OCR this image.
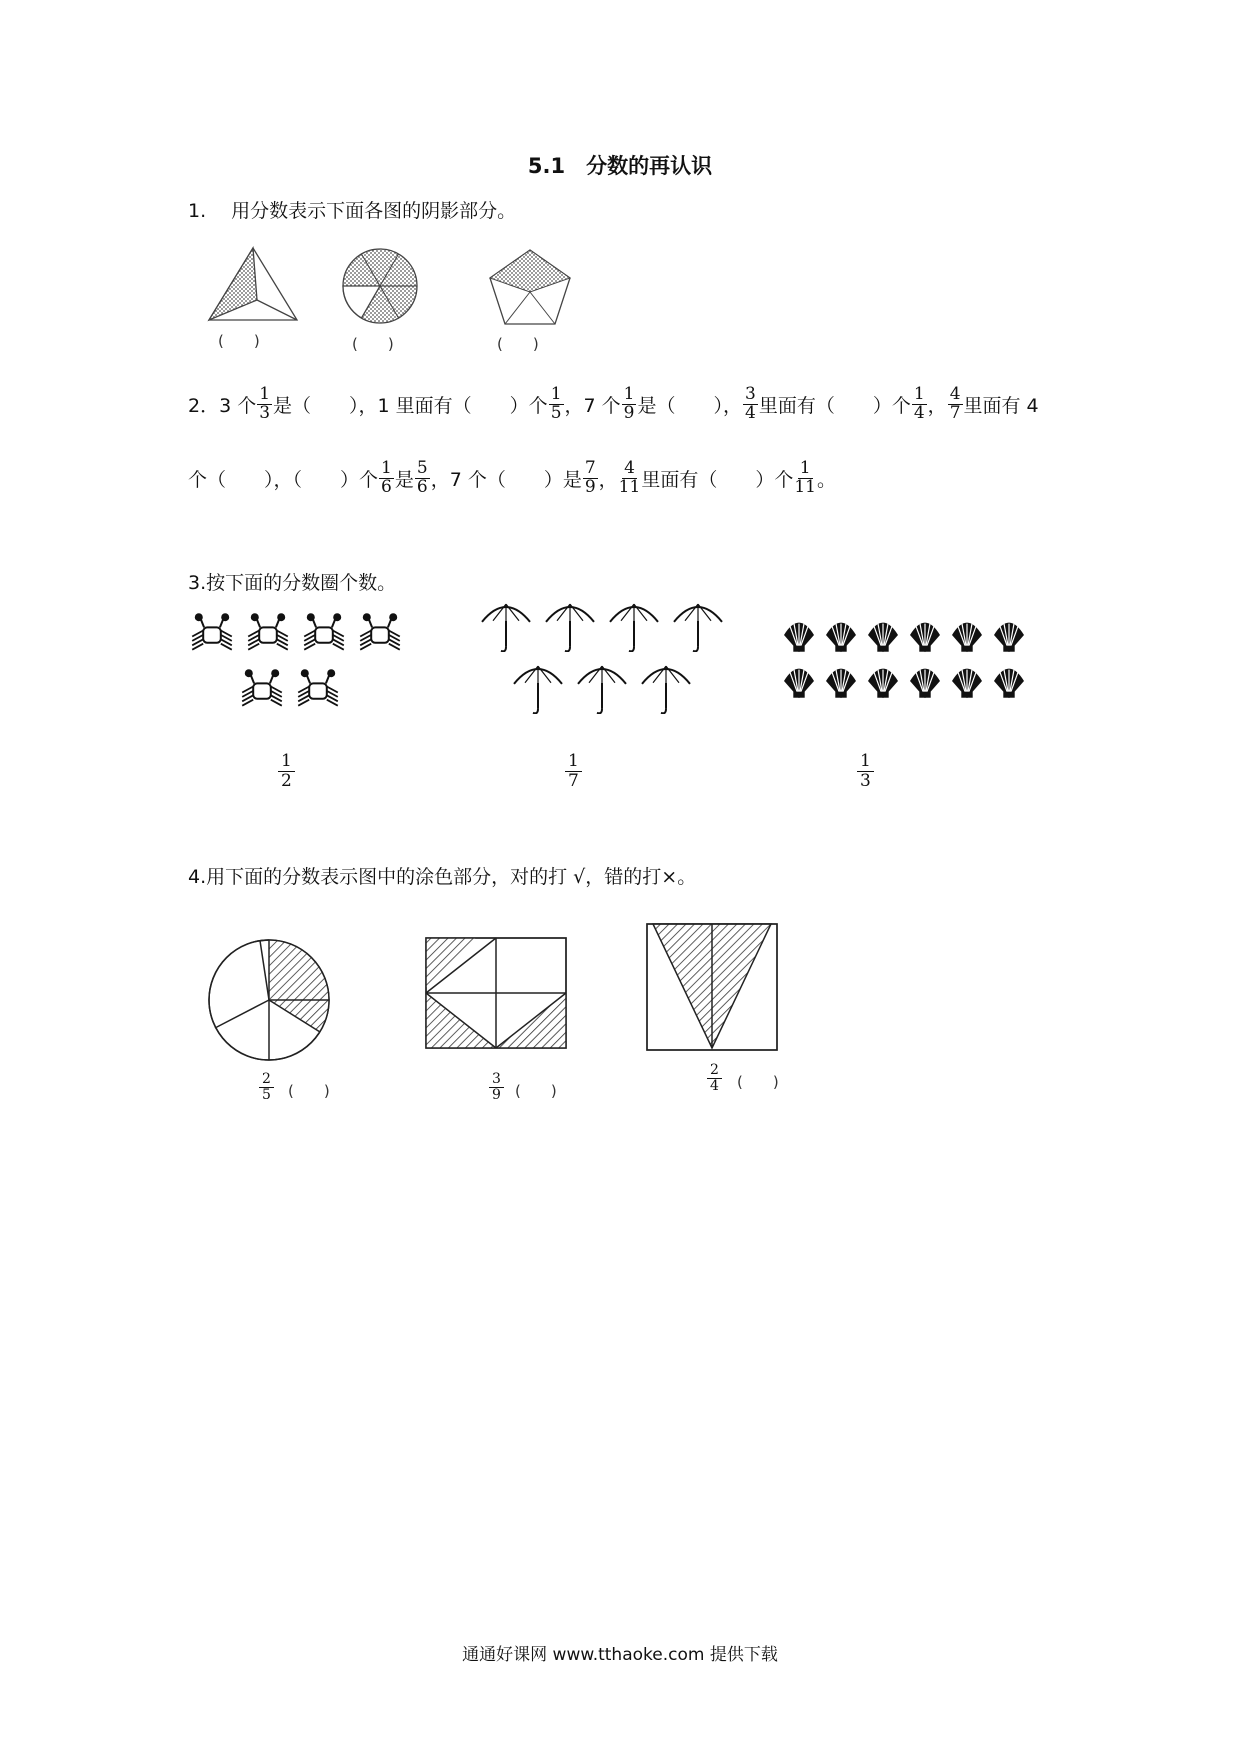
5.1　分数的再认识
1.　 用分数表示下面各图的阴影部分。
(　　)	(　　)	(　　)
2．3 个 $\frac{1}{3}$ 是（　　），1 里面有（　　）个 $\frac{1}{5}$ ，7 个 $\frac{1}{9}$ 是（　　）， $\frac{3}{4}$ 里面有（　　）个 $\frac{1}{4}$ ， $\frac{4}{7}$ 里面有 4
个（　　），（　　）个 $\frac{1}{6}$ 是 $\frac{5}{6}$ ，7 个（　　）是 $\frac{7}{9}$ ， $\frac{4}{11}$ 里面有（　　）个 $\frac{1}{11}$ 。
3.按下面的分数圈个数。
1
2
1
7
1
3
4.用下面的分数表示图中的涂色部分，对的打 √，错的打×。
2
5 (　　)
3
9 (　　)
2
4 (　　)
通通好课网 www.tthaoke.com 提供下载
